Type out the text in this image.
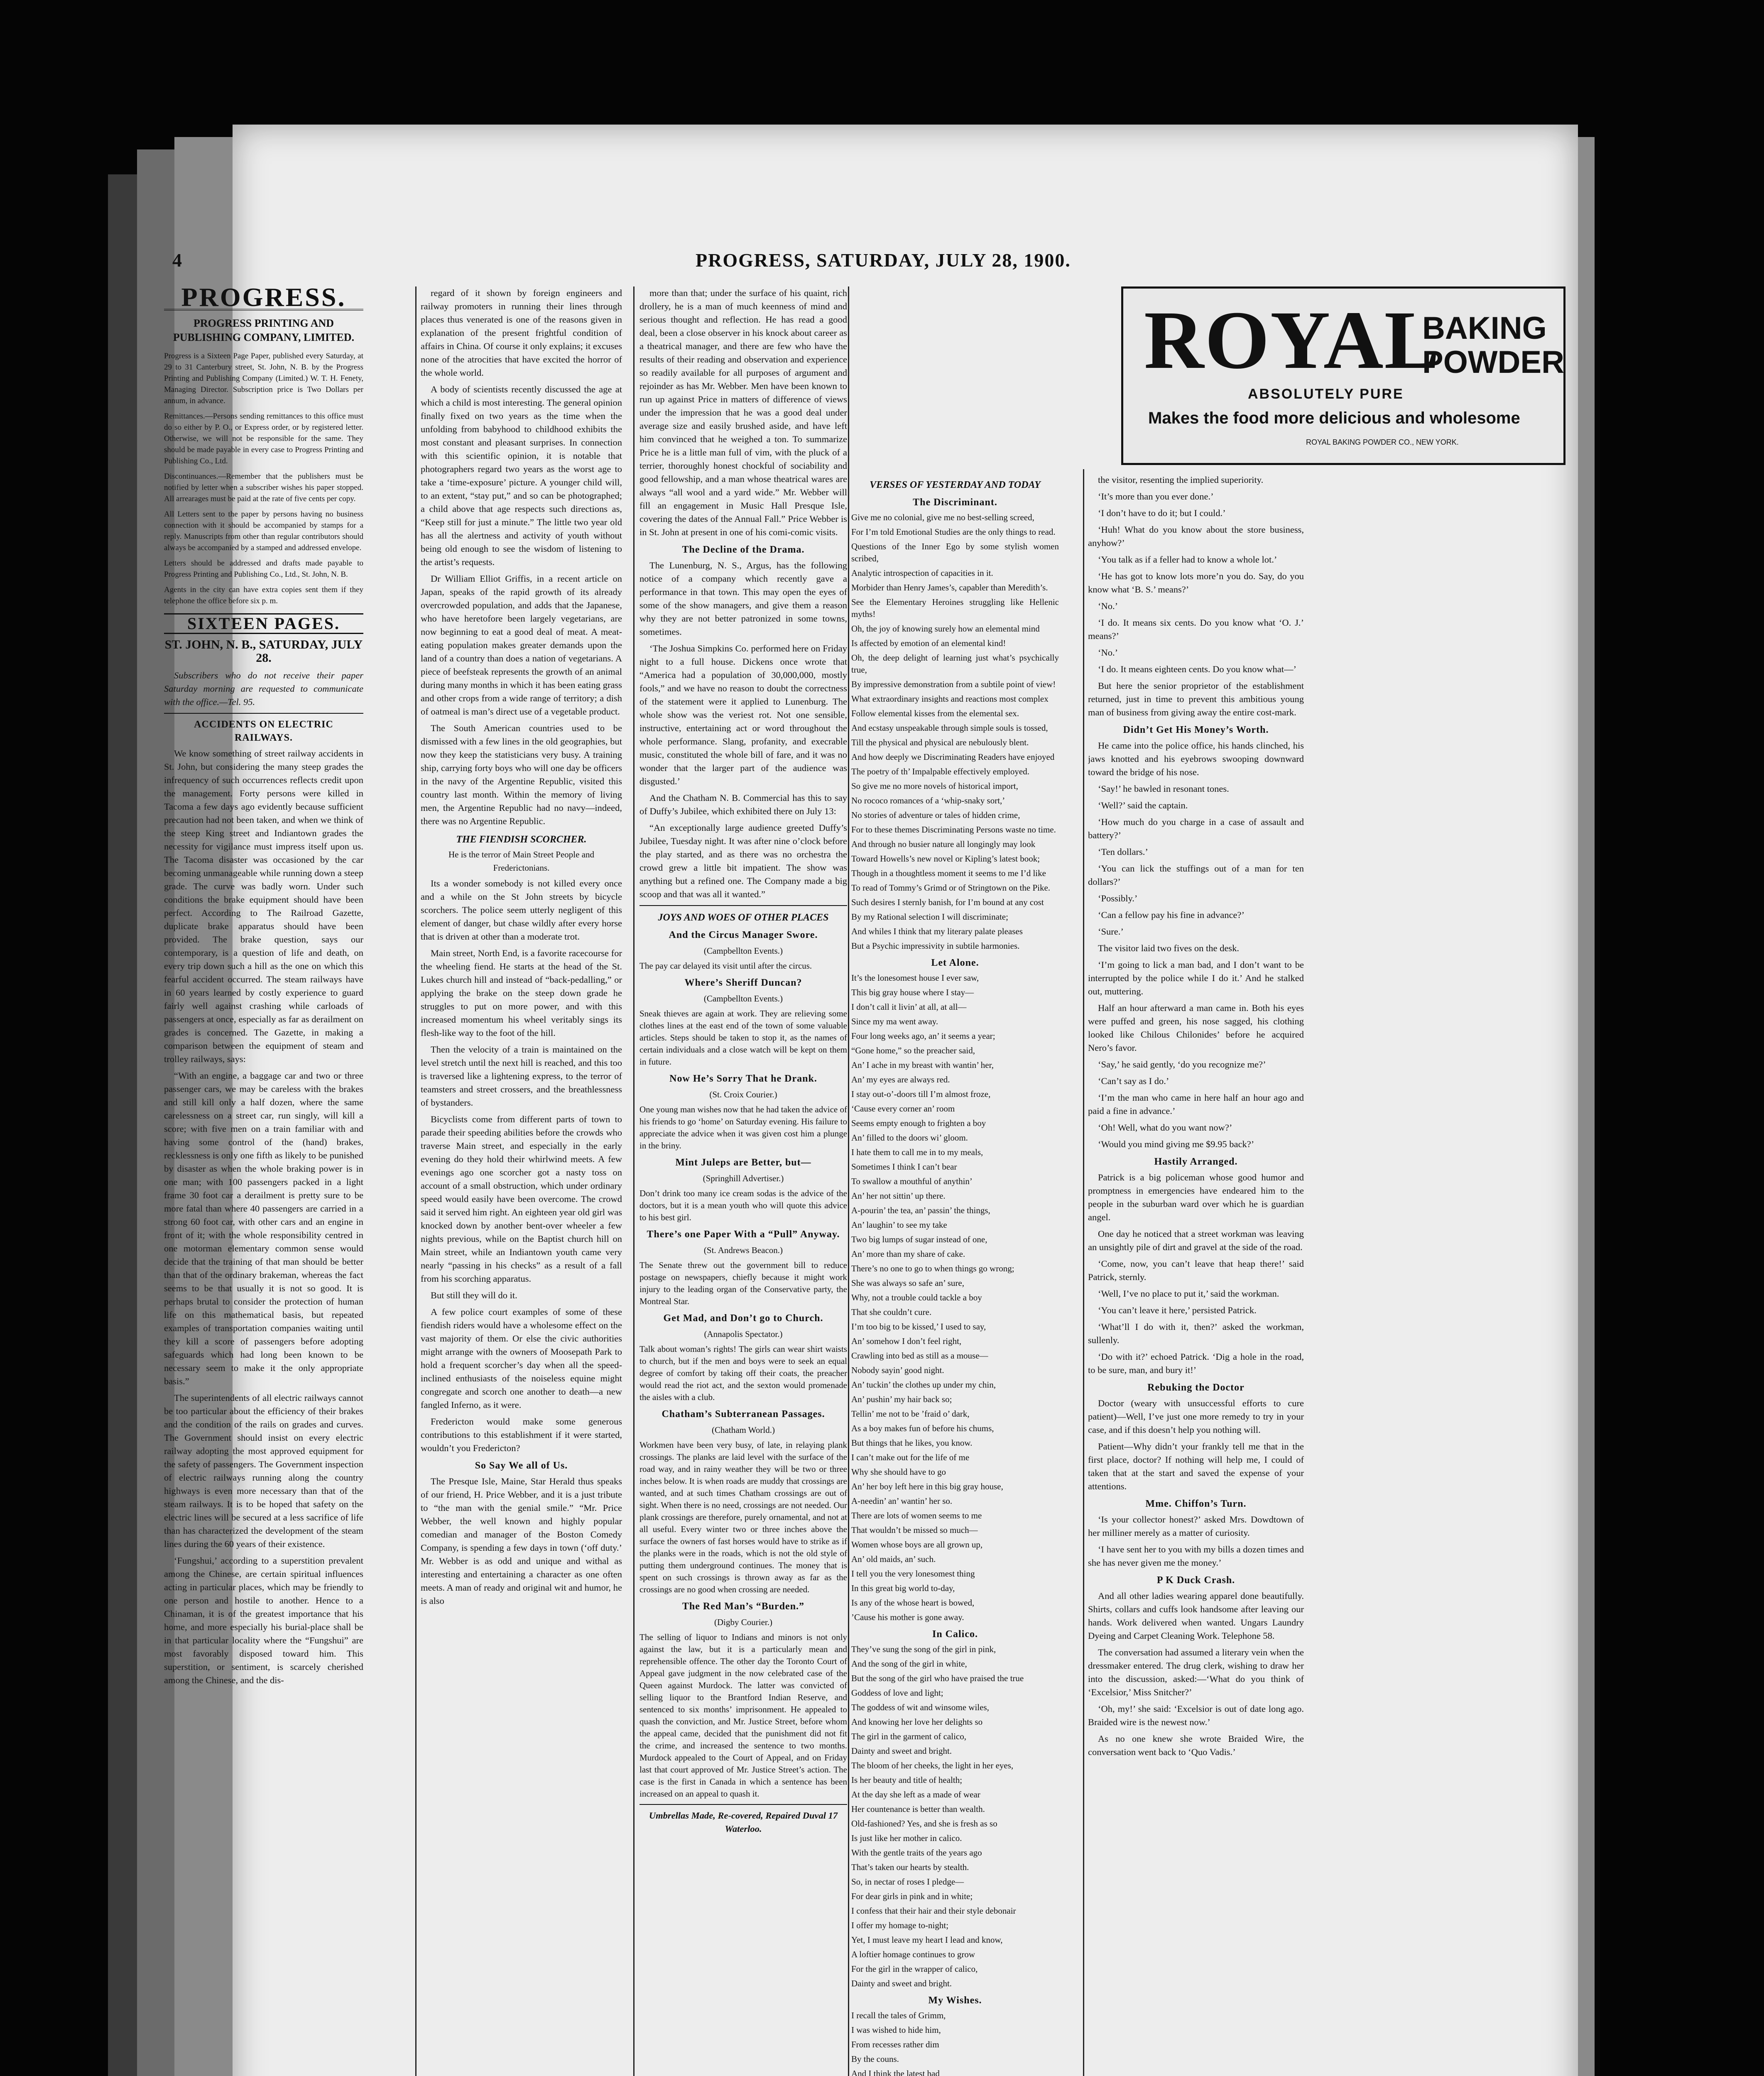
4	PROGRESS, SATURDAY, JULY 28, 1900.
PROGRESS.
PROGRESS PRINTING AND PUBLISHING COMPANY, LIMITED.

Progress is a Sixteen Page Paper, published every Saturday, at 29 to 31 Canterbury street, St. John, N. B. by the Progress Printing and Publishing Company (Limited.) W. T. H. Fenety, Managing Director. Subscription price is Two Dollars per annum, in advance.

Remittances.—Persons sending remittances to this office must do so either by P. O., or Express order, or by registered letter. Otherwise, we will not be responsible for the same. They should be made payable in every case to Progress Printing and Publishing Co., Ltd.

Discontinuances.—Remember that the publishers must be notified by letter when a subscriber wishes his paper stopped. All arrearages must be paid at the rate of five cents per copy.

All Letters sent to the paper by persons having no business connection with it should be accompanied by stamps for a reply. Manuscripts from other than regular contributors should always be accompanied by a stamped and addressed envelope.

Letters should be addressed and drafts made payable to Progress Printing and Publishing Co., Ltd., St. John, N. B.

Agents in the city can have extra copies sent them if they telephone the office before six p. m.

SIXTEEN PAGES.
ST. JOHN, N. B., SATURDAY, JULY 28.

Subscribers who do not receive their paper Saturday morning are requested to communicate with the office.—Tel. 95.

ACCIDENTS ON ELECTRIC RAILWAYS.

We know something of street railway accidents in St. John, but considering the many steep grades the infrequency of such occurrences reflects credit upon the management. Forty persons were killed in Tacoma a few days ago evidently because sufficient precaution had not been taken, and when we think of the steep King street and Indiantown grades the necessity for vigilance must impress itself upon us. The Tacoma disaster was occasioned by the car becoming unmanageable while running down a steep grade. The curve was badly worn. Under such conditions the brake equipment should have been perfect. According to The Railroad Gazette, duplicate brake apparatus should have been provided. The brake question, says our contemporary, is a question of life and death, on every trip down such a hill as the one on which this fearful accident occurred. The steam railways have in 60 years learned by costly experience to guard fairly well against crashing while carloads of passengers at once, especially as far as derailment on grades is concerned. The Gazette, in making a comparison between the equipment of steam and trolley railways, says:

“With an engine, a baggage car and two or three passenger cars, we may be careless with the brakes and still kill only a half dozen, where the same carelessness on a street car, run singly, will kill a score; with five men on a train familiar with and having some control of the (hand) brakes, recklessness is only one fifth as likely to be punished by disaster as when the whole braking power is in one man; with 100 passengers packed in a light frame 30 foot car a derailment is pretty sure to be more fatal than where 40 passengers are carried in a strong 60 foot car, with other cars and an engine in front of it; with the whole responsibility centred in one motorman elementary common sense would decide that the training of that man should be better than that of the ordinary brakeman, whereas the fact seems to be that usually it is not so good. It is perhaps brutal to consider the protection of human life on this mathematical basis, but repeated examples of transportation companies waiting until they kill a score of passengers before adopting safeguards which had long been known to be necessary seem to make it the only appropriate basis.”

The superintendents of all electric railways cannot be too particular about the efficiency of their brakes and the condition of the rails on grades and curves. The Government should insist on every electric railway adopting the most approved equipment for the safety of passengers. The Government inspection of electric railways running along the country highways is even more necessary than that of the steam railways. It is to be hoped that safety on the electric lines will be secured at a less sacrifice of life than has characterized the development of the steam lines during the 60 years of their existence.

‘Fungshui,’ according to a superstition prevalent among the Chinese, are certain spiritual influences acting in particular places, which may be friendly to one person and hostile to another. Hence to a Chinaman, it is of the greatest importance that his home, and more especially his burial-place shall be in that particular locality where the “Fungshui” are most favorably disposed toward him. This superstition, or sentiment, is scarcely cherished among the Chinese, and the dis-

regard of it shown by foreign engineers and railway promoters in running their lines through places thus venerated is one of the reasons given in explanation of the present frightful condition of affairs in China. Of course it only explains; it excuses none of the atrocities that have excited the horror of the whole world.

A body of scientists recently discussed the age at which a child is most interesting. The general opinion finally fixed on two years as the time when the unfolding from babyhood to childhood exhibits the most constant and pleasant surprises. In connection with this scientific opinion, it is notable that photographers regard two years as the worst age to take a ‘time-exposure’ picture. A younger child will, to an extent, “stay put,” and so can be photographed; a child above that age respects such directions as, “Keep still for just a minute.” The little two year old has all the alertness and activity of youth without being old enough to see the wisdom of listening to the artist’s requests.

Dr William Elliot Griffis, in a recent article on Japan, speaks of the rapid growth of its already overcrowded population, and adds that the Japanese, who have heretofore been largely vegetarians, are now beginning to eat a good deal of meat. A meat-eating population makes greater demands upon the land of a country than does a nation of vegetarians. A piece of beefsteak represents the growth of an animal during many months in which it has been eating grass and other crops from a wide range of territory; a dish of oatmeal is man’s direct use of a vegetable product.

The South American countries used to be dismissed with a few lines in the old geographies, but now they keep the statisticians very busy. A training ship, carrying forty boys who will one day be officers in the navy of the Argentine Republic, visited this country last month. Within the memory of living men, the Argentine Republic had no navy—indeed, there was no Argentine Republic.

THE FIENDISH SCORCHER.
He is the terror of Main Street People and Frederictonians.

Its a wonder somebody is not killed every once and a while on the St John streets by bicycle scorchers. The police seem utterly negligent of this element of danger, but chase wildly after every horse that is driven at other than a moderate trot.

Main street, North End, is a favorite racecourse for the wheeling fiend. He starts at the head of the St. Lukes church hill and instead of “back-pedalling,” or applying the brake on the steep down grade he struggles to put on more power, and with this increased momentum his wheel veritably sings its flesh-like way to the foot of the hill.

Then the velocity of a train is maintained on the level stretch until the next hill is reached, and this too is traversed like a lightening express, to the terror of teamsters and street crossers, and the breathlessness of bystanders.

Bicyclists come from different parts of town to parade their speeding abilities before the crowds who traverse Main street, and especially in the early evening do they hold their whirlwind meets. A few evenings ago one scorcher got a nasty toss on account of a small obstruction, which under ordinary speed would easily have been overcome. The crowd said it served him right. An eighteen year old girl was knocked down by another bent-over wheeler a few nights previous, while on the Baptist church hill on Main street, while an Indiantown youth came very nearly “passing in his checks” as a result of a fall from his scorching apparatus.

But still they will do it.

A few police court examples of some of these fiendish riders would have a wholesome effect on the vast majority of them. Or else the civic authorities might arrange with the owners of Moosepath Park to hold a frequent scorcher’s day when all the speed-inclined enthusiasts of the noiseless equine might congregate and scorch one another to death—a new fangled Inferno, as it were.

Fredericton would make some generous contributions to this establishment if it were started, wouldn’t you Fredericton?

So Say We all of Us.

The Presque Isle, Maine, Star Herald thus speaks of our friend, H. Price Webber, and it is a just tribute to “the man with the genial smile.” “Mr. Price Webber, the well known and highly popular comedian and manager of the Boston Comedy Company, is spending a few days in town (‘off duty.’ Mr. Webber is as odd and unique and withal as interesting and entertaining a character as one often meets. A man of ready and original wit and humor, he is also

more than that; under the surface of his quaint, rich drollery, he is a man of much keenness of mind and serious thought and reflection. He has read a good deal, been a close observer in his knock about career as a theatrical manager, and there are few who have the results of their reading and observation and experience so readily available for all purposes of argument and rejoinder as has Mr. Webber. Men have been known to run up against Price in matters of difference of views under the impression that he was a good deal under average size and easily brushed aside, and have left him convinced that he weighed a ton. To summarize Price he is a little man full of vim, with the pluck of a terrier, thoroughly honest chockful of sociability and good fellowship, and a man whose theatrical wares are always “all wool and a yard wide.” Mr. Webber will fill an engagement in Music Hall Presque Isle, covering the dates of the Annual Fall.” Price Webber is in St. John at present in one of his comi-comic visits.

The Decline of the Drama.

The Lunenburg, N. S., Argus, has the following notice of a company which recently gave a performance in that town. This may open the eyes of some of the show managers, and give them a reason why they are not better patronized in some towns, sometimes.

‘The Joshua Simpkins Co. performed here on Friday night to a full house. Dickens once wrote that “America had a population of 30,000,000, mostly fools,” and we have no reason to doubt the correctness of the statement were it applied to Lunenburg. The whole show was the veriest rot. Not one sensible, instructive, entertaining act or word throughout the whole performance. Slang, profanity, and execrable music, constituted the whole bill of fare, and it was no wonder that the larger part of the audience was disgusted.’

And the Chatham N. B. Commercial has this to say of Duffy’s Jubilee, which exhibited there on July 13:

“An exceptionally large audience greeted Duffy’s Jubilee, Tuesday night. It was after nine o’clock before the play started, and as there was no orchestra the crowd grew a little bit impatient. The show was anything but a refined one. The Company made a big scoop and that was all it wanted.”

JOYS AND WOES OF OTHER PLACES
And the Circus Manager Swore.
(Campbellton Events.)

The pay car delayed its visit until after the circus.

Where’s Sheriff Duncan?
(Campbellton Events.)

Sneak thieves are again at work. They are relieving some clothes lines at the east end of the town of some valuable articles. Steps should be taken to stop it, as the names of certain individuals and a close watch will be kept on them in future.

Now He’s Sorry That he Drank.
(St. Croix Courier.)

One young man wishes now that he had taken the advice of his friends to go ‘home’ on Saturday evening. His failure to appreciate the advice when it was given cost him a plunge in the briny.

Mint Juleps are Better, but—
(Springhill Advertiser.)

Don’t drink too many ice cream sodas is the advice of the doctors, but it is a mean youth who will quote this advice to his best girl.

There’s one Paper With a “Pull” Anyway.
(St. Andrews Beacon.)

The Senate threw out the government bill to reduce postage on newspapers, chiefly because it might work injury to the leading organ of the Conservative party, the Montreal Star.

Get Mad, and Don’t go to Church.
(Annapolis Spectator.)

Talk about woman’s rights! The girls can wear shirt waists to church, but if the men and boys were to seek an equal degree of comfort by taking off their coats, the preacher would read the riot act, and the sexton would promenade the aisles with a club.

Chatham’s Subterranean Passages.
(Chatham World.)

Workmen have been very busy, of late, in relaying plank crossings. The planks are laid level with the surface of the road way, and in rainy weather they will be two or three inches below. It is when roads are muddy that crossings are wanted, and at such times Chatham crossings are out of sight. When there is no need, crossings are not needed. Our plank crossings are therefore, purely ornamental, and not at all useful. Every winter two or three inches above the surface the owners of fast horses would have to strike as if the planks were in the roads, which is not the old style of putting them underground continues. The money that is spent on such crossings is thrown away as far as the crossings are no good when crossing are needed.

The Red Man’s “Burden.”
(Digby Courier.)

The selling of liquor to Indians and minors is not only against the law, but it is a particularly mean and reprehensible offence. The other day the Toronto Court of Appeal gave judgment in the now celebrated case of the Queen against Murdock. The latter was convicted of selling liquor to the Brantford Indian Reserve, and sentenced to six months’ imprisonment. He appealed to quash the conviction, and Mr. Justice Street, before whom the appeal came, decided that the punishment did not fit the crime, and increased the sentence to two months. Murdock appealed to the Court of Appeal, and on Friday last that court approved of Mr. Justice Street’s action. The case is the first in Canada in which a sentence has been increased on an appeal to quash it.

Umbrellas Made, Re-covered, Repaired Duval 17 Waterloo.

ROYAL
BAKING
POWDER
ABSOLUTELY PURE
Makes the food more delicious and wholesome
ROYAL BAKING POWDER CO., NEW YORK.
VERSES OF YESTERDAY AND TODAY
The Discriminant.

Give me no colonial, give me no best-selling screed,

For I’m told Emotional Studies are the only things to read.

Questions of the Inner Ego by some stylish women scribed,

Analytic introspection of capacities in it.

Morbider than Henry James’s, capabler than Meredith’s.

See the Elementary Heroines struggling like Hellenic myths!

Oh, the joy of knowing surely how an elemental mind

Is affected by emotion of an elemental kind!

Oh, the deep delight of learning just what’s psychically true,

By impressive demonstration from a subtile point of view!

What extraordinary insights and reactions most complex

Follow elemental kisses from the elemental sex.

And ecstasy unspeakable through simple souls is tossed,

Till the physical and physical are nebulously blent.

And how deeply we Discriminating Readers have enjoyed

The poetry of th’ Impalpable effectively employed.

So give me no more novels of historical import,

No rococo romances of a ‘whip-snaky sort,’

No stories of adventure or tales of hidden crime,

For to these themes Discriminating Persons waste no time.

And through no busier nature all longingly may look

Toward Howells’s new novel or Kipling’s latest book;

Though in a thoughtless moment it seems to me I’d like

To read of Tommy’s Grimd or of Stringtown on the Pike.

Such desires I sternly banish, for I’m bound at any cost

By my Rational selection I will discriminate;

And whiles I think that my literary palate pleases

But a Psychic impressivity in subtile harmonies.

Let Alone.

It’s the lonesomest house I ever saw,

This big gray house where I stay—

I don’t call it livin’ at all, at all—

Since my ma went away.

Four long weeks ago, an’ it seems a year;

“Gone home,” so the preacher said,

An’ I ache in my breast with wantin’ her,

An’ my eyes are always red.

I stay out-o’-doors till I’m almost froze,

‘Cause every corner an’ room

Seems empty enough to frighten a boy

An’ filled to the doors wi’ gloom.

I hate them to call me in to my meals,

Sometimes I think I can’t bear

To swallow a mouthful of anythin’

An’ her not sittin’ up there.

A-pourin’ the tea, an’ passin’ the things,

An’ laughin’ to see my take

Two big lumps of sugar instead of one,

An’ more than my share of cake.

There’s no one to go to when things go wrong;

She was always so safe an’ sure,

Why, not a trouble could tackle a boy

That she couldn’t cure.

I’m too big to be kissed,’ I used to say,

An’ somehow I don’t feel right,

Crawling into bed as still as a mouse—

Nobody sayin’ good night.

An’ tuckin’ the clothes up under my chin,

An’ pushin’ my hair back so;

Tellin’ me not to be ’fraid o’ dark,

As a boy makes fun of before his chums,

But things that he likes, you know.

I can’t make out for the life of me

Why she should have to go

An’ her boy left here in this big gray house,

A-needin’ an’ wantin’ her so.

There are lots of women seems to me

That wouldn’t be missed so much—

Women whose boys are all grown up,

An’ old maids, an’ such.

I tell you the very lonesomest thing

In this great big world to-day,

Is any of the whose heart is bowed,

’Cause his mother is gone away.

In Calico.

They’ve sung the song of the girl in pink,

And the song of the girl in white,

But the song of the girl who have praised the true

Goddess of love and light;

The goddess of wit and winsome wiles,

And knowing her love her delights so

The girl in the garment of calico,

Dainty and sweet and bright.

The bloom of her cheeks, the light in her eyes,

Is her beauty and title of health;

At the day she left as a made of wear

Her countenance is better than wealth.

Old-fashioned? Yes, and she is fresh as so

Is just like her mother in calico.

With the gentle traits of the years ago

That’s taken our hearts by stealth.

So, in nectar of roses I pledge—

For dear girls in pink and in white;

I confess that their hair and their style debonair

I offer my homage to-night;

Yet, I must leave my heart I lead and know,

A loftier homage continues to grow

For the girl in the wrapper of calico,

Dainty and sweet and bright.

My Wishes.

I recall the tales of Grimm,

I was wished to hide him,

From recesses rather dim

By the couns.

And I think the latest had

the visitor, resenting the implied superiority.

‘It’s more than you ever done.’

‘I don’t have to do it; but I could.’

‘Huh! What do you know about the store business, anyhow?’

‘You talk as if a feller had to know a whole lot.’

‘He has got to know lots more’n you do. Say, do you know what ‘B. S.’ means?’

‘No.’

‘I do. It means six cents. Do you know what ‘O. J.’ means?’

‘No.’

‘I do. It means eighteen cents. Do you know what—’

But here the senior proprietor of the establishment returned, just in time to prevent this ambitious young man of business from giving away the entire cost-mark.

Didn’t Get His Money’s Worth.

He came into the police office, his hands clinched, his jaws knotted and his eyebrows swooping downward toward the bridge of his nose.

‘Say!’ he bawled in resonant tones.

‘Well?’ said the captain.

‘How much do you charge in a case of assault and battery?’

‘Ten dollars.’

‘You can lick the stuffings out of a man for ten dollars?’

‘Possibly.’

‘Can a fellow pay his fine in advance?’

‘Sure.’

The visitor laid two fives on the desk.

‘I’m going to lick a man bad, and I don’t want to be interrupted by the police while I do it.’ And he stalked out, muttering.

Half an hour afterward a man came in. Both his eyes were puffed and green, his nose sagged, his clothing looked like Chilous Chilonides’ before he acquired Nero’s favor.

‘Say,’ he said gently, ‘do you recognize me?’

‘Can’t say as I do.’

‘I’m the man who came in here half an hour ago and paid a fine in advance.’

‘Oh! Well, what do you want now?’

‘Would you mind giving me $9.95 back?’

Hastily Arranged.

Patrick is a big policeman whose good humor and promptness in emergencies have endeared him to the people in the suburban ward over which he is guardian angel.

One day he noticed that a street workman was leaving an unsightly pile of dirt and gravel at the side of the road.

‘Come, now, you can’t leave that heap there!’ said Patrick, sternly.

‘Well, I’ve no place to put it,’ said the workman.

‘You can’t leave it here,’ persisted Patrick.

‘What’ll I do with it, then?’ asked the workman, sullenly.

‘Do with it?’ echoed Patrick. ‘Dig a hole in the road, to be sure, man, and bury it!’

Rebuking the Doctor

Doctor (weary with unsuccessful efforts to cure patient)—Well, I’ve just one more remedy to try in your case, and if this doesn’t help you nothing will.

Patient—Why didn’t your frankly tell me that in the first place, doctor? If nothing will help me, I could of taken that at the start and saved the expense of your attentions.

Mme. Chiffon’s Turn.

‘Is your collector honest?’ asked Mrs. Dowdtown of her milliner merely as a matter of curiosity.

‘I have sent her to you with my bills a dozen times and she has never given me the money.’

P K Duck Crash.

And all other ladies wearing apparel done beautifully. Shirts, collars and cuffs look handsome after leaving our hands. Work delivered when wanted. Ungars Laundry Dyeing and Carpet Cleaning Work. Telephone 58.

The conversation had assumed a literary vein when the dressmaker entered. The drug clerk, wishing to draw her into the discussion, asked:—‘What do you think of ‘Excelsior,’ Miss Snitcher?’

‘Oh, my!’ she said: ‘Excelsior is out of date long ago. Braided wire is the newest now.’

As no one knew she wrote Braided Wire, the conversation went back to ‘Quo Vadis.’
